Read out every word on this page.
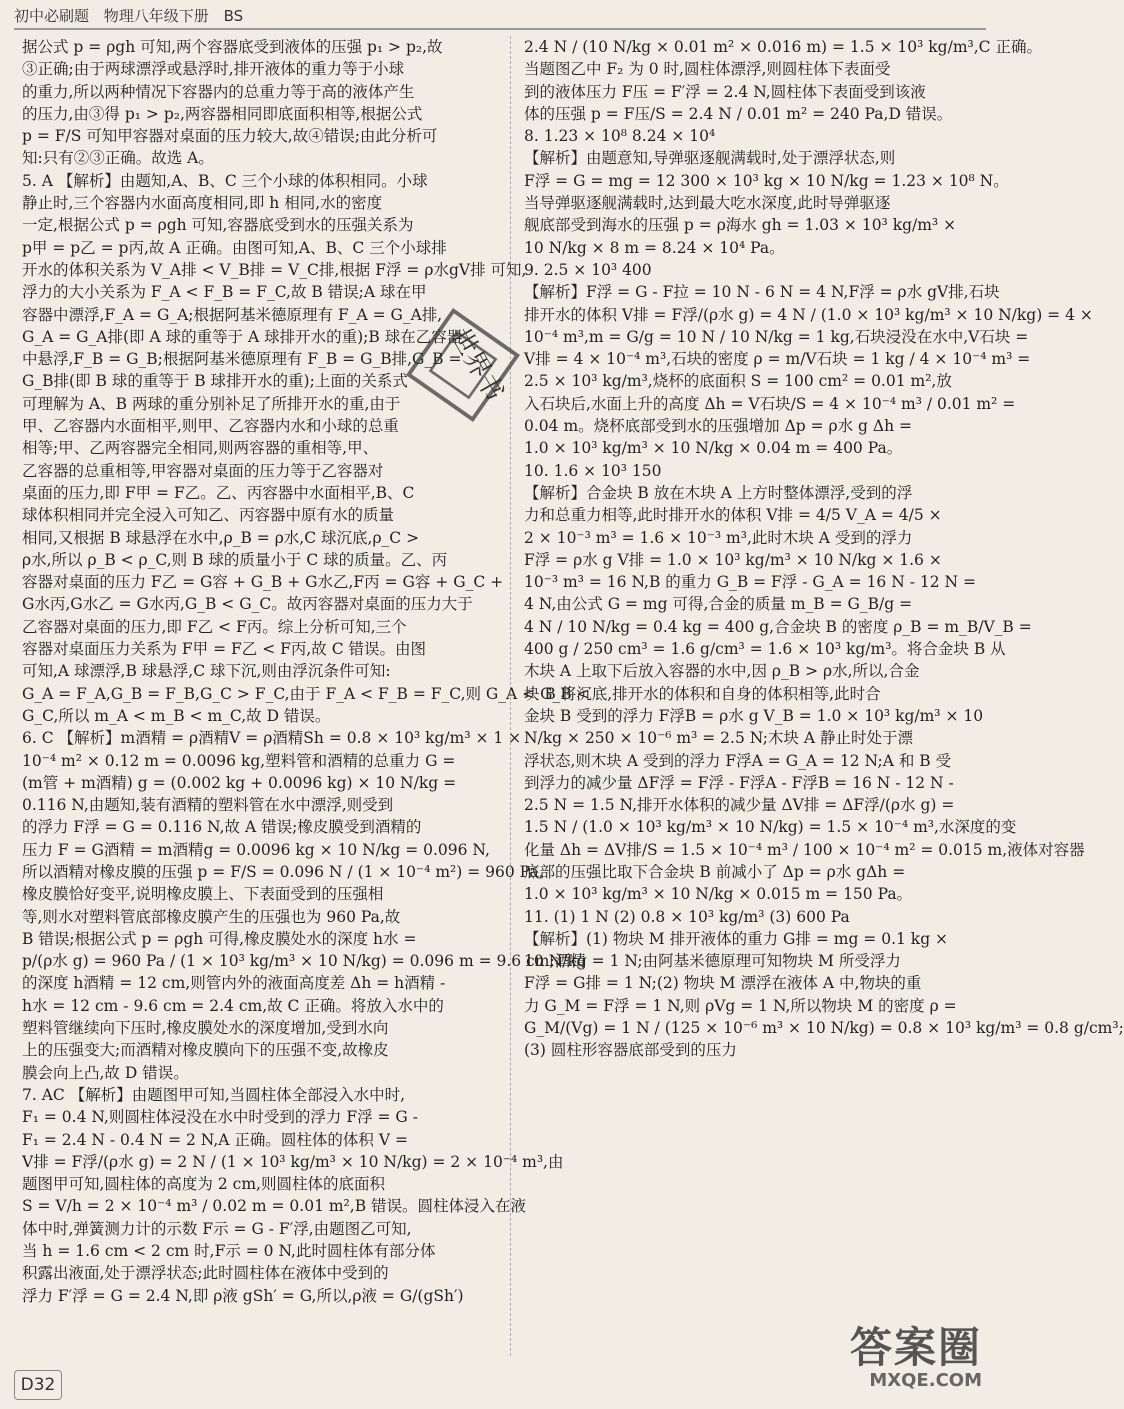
初中必刷题 物理八年级下册 BS
据公式 p = ρgh 可知,两个容器底受到液体的压强 p₁ > p₂,故
③正确;由于两球漂浮或悬浮时,排开液体的重力等于小球
的重力,所以两种情况下容器内的总重力等于高的液体产生
的压力,由③得 p₁ > p₂,两容器相同即底面积相等,根据公式
p = F/S 可知甲容器对桌面的压力较大,故④错误;由此分析可
知:只有②③正确。故选 A。
5. A 【解析】由题知,A、B、C 三个小球的体积相同。小球
静止时,三个容器内水面高度相同,即 h 相同,水的密度
一定,根据公式 p = ρgh 可知,容器底受到水的压强关系为
p甲 = p乙 = p丙,故 A 正确。由图可知,A、B、C 三个小球排
开水的体积关系为 V_A排 < V_B排 = V_C排,根据 F浮 = ρ水gV排 可知,
浮力的大小关系为 F_A < F_B = F_C,故 B 错误;A 球在甲
容器中漂浮,F_A = G_A;根据阿基米德原理有 F_A = G_A排,
G_A = G_A排(即 A 球的重等于 A 球排开水的重);B 球在乙容器
中悬浮,F_B = G_B;根据阿基米德原理有 F_B = G_B排,G_B =
G_B排(即 B 球的重等于 B 球排开水的重);上面的关系式
可理解为 A、B 两球的重分别补足了所排开水的重,由于
甲、乙容器内水面相平,则甲、乙容器内水和小球的总重
相等;甲、乙两容器完全相同,则两容器的重相等,甲、
乙容器的总重相等,甲容器对桌面的压力等于乙容器对
桌面的压力,即 F甲 = F乙。乙、丙容器中水面相平,B、C
球体积相同并完全浸入可知乙、丙容器中原有水的质量
相同,又根据 B 球悬浮在水中,ρ_B = ρ水,C 球沉底,ρ_C >
ρ水,所以 ρ_B < ρ_C,则 B 球的质量小于 C 球的质量。乙、丙
容器对桌面的压力 F乙 = G容 + G_B + G水乙,F丙 = G容 + G_C +
G水丙,G水乙 = G水丙,G_B < G_C。故丙容器对桌面的压力大于
乙容器对桌面的压力,即 F乙 < F丙。综上分析可知,三个
容器对桌面压力关系为 F甲 = F乙 < F丙,故 C 错误。由图
可知,A 球漂浮,B 球悬浮,C 球下沉,则由浮沉条件可知:
G_A = F_A,G_B = F_B,G_C > F_C,由于 F_A < F_B = F_C,则 G_A < G_B <
G_C,所以 m_A < m_B < m_C,故 D 错误。
6. C 【解析】m酒精 = ρ酒精V = ρ酒精Sh = 0.8 × 10³ kg/m³ × 1 ×
10⁻⁴ m² × 0.12 m = 0.0096 kg,塑料管和酒精的总重力 G =
(m管 + m酒精) g = (0.002 kg + 0.0096 kg) × 10 N/kg =
0.116 N,由题知,装有酒精的塑料管在水中漂浮,则受到
的浮力 F浮 = G = 0.116 N,故 A 错误;橡皮膜受到酒精的
压力 F = G酒精 = m酒精g = 0.0096 kg × 10 N/kg = 0.096 N,
所以酒精对橡皮膜的压强 p = F/S = 0.096 N / (1 × 10⁻⁴ m²) = 960 Pa,
橡皮膜恰好变平,说明橡皮膜上、下表面受到的压强相
等,则水对塑料管底部橡皮膜产生的压强也为 960 Pa,故
B 错误;根据公式 p = ρgh 可得,橡皮膜处水的深度 h水 =
p/(ρ水 g) = 960 Pa / (1 × 10³ kg/m³ × 10 N/kg) = 0.096 m = 9.6 cm;酒精
的深度 h酒精 = 12 cm,则管内外的液面高度差 Δh = h酒精 -
h水 = 12 cm - 9.6 cm = 2.4 cm,故 C 正确。将放入水中的
塑料管继续向下压时,橡皮膜处水的深度增加,受到水向
上的压强变大;而酒精对橡皮膜向下的压强不变,故橡皮
膜会向上凸,故 D 错误。
7. AC 【解析】由题图甲可知,当圆柱体全部浸入水中时,
F₁ = 0.4 N,则圆柱体浸没在水中时受到的浮力 F浮 = G -
F₁ = 2.4 N - 0.4 N = 2 N,A 正确。圆柱体的体积 V =
V排 = F浮/(ρ水 g) = 2 N / (1 × 10³ kg/m³ × 10 N/kg) = 2 × 10⁻⁴ m³,由
题图甲可知,圆柱体的高度为 2 cm,则圆柱体的底面积
S = V/h = 2 × 10⁻⁴ m³ / 0.02 m = 0.01 m²,B 错误。圆柱体浸入在液
体中时,弹簧测力计的示数 F示 = G - F′浮,由题图乙可知,
当 h = 1.6 cm < 2 cm 时,F示 = 0 N,此时圆柱体有部分体
积露出液面,处于漂浮状态;此时圆柱体在液体中受到的
浮力 F′浮 = G = 2.4 N,即 ρ液 gSh′ = G,所以,ρ液 = G/(gSh′)
2.4 N / (10 N/kg × 0.01 m² × 0.016 m) = 1.5 × 10³ kg/m³,C 正确。
当题图乙中 F₂ 为 0 时,圆柱体漂浮,则圆柱体下表面受
到的液体压力 F压 = F′浮 = 2.4 N,圆柱体下表面受到该液
体的压强 p = F压/S = 2.4 N / 0.01 m² = 240 Pa,D 错误。
8. 1.23 × 10⁸ 8.24 × 10⁴
【解析】由题意知,导弹驱逐舰满载时,处于漂浮状态,则
F浮 = G = mg = 12 300 × 10³ kg × 10 N/kg = 1.23 × 10⁸ N。
当导弹驱逐舰满载时,达到最大吃水深度,此时导弹驱逐
舰底部受到海水的压强 p = ρ海水 gh = 1.03 × 10³ kg/m³ ×
10 N/kg × 8 m = 8.24 × 10⁴ Pa。
9. 2.5 × 10³ 400
【解析】F浮 = G - F拉 = 10 N - 6 N = 4 N,F浮 = ρ水 gV排,石块
排开水的体积 V排 = F浮/(ρ水 g) = 4 N / (1.0 × 10³ kg/m³ × 10 N/kg) = 4 ×
10⁻⁴ m³,m = G/g = 10 N / 10 N/kg = 1 kg,石块浸没在水中,V石块 =
V排 = 4 × 10⁻⁴ m³,石块的密度 ρ = m/V石块 = 1 kg / 4 × 10⁻⁴ m³ =
2.5 × 10³ kg/m³,烧杯的底面积 S = 100 cm² = 0.01 m²,放
入石块后,水面上升的高度 Δh = V石块/S = 4 × 10⁻⁴ m³ / 0.01 m² =
0.04 m。烧杯底部受到水的压强增加 Δp = ρ水 g Δh =
1.0 × 10³ kg/m³ × 10 N/kg × 0.04 m = 400 Pa。
10. 1.6 × 10³ 150
【解析】合金块 B 放在木块 A 上方时整体漂浮,受到的浮
力和总重力相等,此时排开水的体积 V排 = 4/5 V_A = 4/5 ×
2 × 10⁻³ m³ = 1.6 × 10⁻³ m³,此时木块 A 受到的浮力
F浮 = ρ水 g V排 = 1.0 × 10³ kg/m³ × 10 N/kg × 1.6 ×
10⁻³ m³ = 16 N,B 的重力 G_B = F浮 - G_A = 16 N - 12 N =
4 N,由公式 G = mg 可得,合金的质量 m_B = G_B/g =
4 N / 10 N/kg = 0.4 kg = 400 g,合金块 B 的密度 ρ_B = m_B/V_B =
400 g / 250 cm³ = 1.6 g/cm³ = 1.6 × 10³ kg/m³。将合金块 B 从
木块 A 上取下后放入容器的水中,因 ρ_B > ρ水,所以,合金
块 B 将沉底,排开水的体积和自身的体积相等,此时合
金块 B 受到的浮力 F浮B = ρ水 g V_B = 1.0 × 10³ kg/m³ × 10
N/kg × 250 × 10⁻⁶ m³ = 2.5 N;木块 A 静止时处于漂
浮状态,则木块 A 受到的浮力 F浮A = G_A = 12 N;A 和 B 受
到浮力的减少量 ΔF浮 = F浮 - F浮A - F浮B = 16 N - 12 N -
2.5 N = 1.5 N,排开水体积的减少量 ΔV排 = ΔF浮/(ρ水 g) =
1.5 N / (1.0 × 10³ kg/m³ × 10 N/kg) = 1.5 × 10⁻⁴ m³,水深度的变
化量 Δh = ΔV排/S = 1.5 × 10⁻⁴ m³ / 100 × 10⁻⁴ m² = 0.015 m,液体对容器
底部的压强比取下合金块 B 前减小了 Δp = ρ水 gΔh =
1.0 × 10³ kg/m³ × 10 N/kg × 0.015 m = 150 Pa。
11. (1) 1 N (2) 0.8 × 10³ kg/m³ (3) 600 Pa
【解析】(1) 物块 M 排开液体的重力 G排 = mg = 0.1 kg ×
10 N/kg = 1 N;由阿基米德原理可知物块 M 所受浮力
F浮 = G排 = 1 N;(2) 物块 M 漂浮在液体 A 中,物块的重
力 G_M = F浮 = 1 N,则 ρVg = 1 N,所以物块 M 的密度 ρ =
G_M/(Vg) = 1 N / (125 × 10⁻⁶ m³ × 10 N/kg) = 0.8 × 10³ kg/m³ = 0.8 g/cm³;
(3) 圆柱形容器底部受到的压力
世界书
D32
答案圈
MXQE.COM
